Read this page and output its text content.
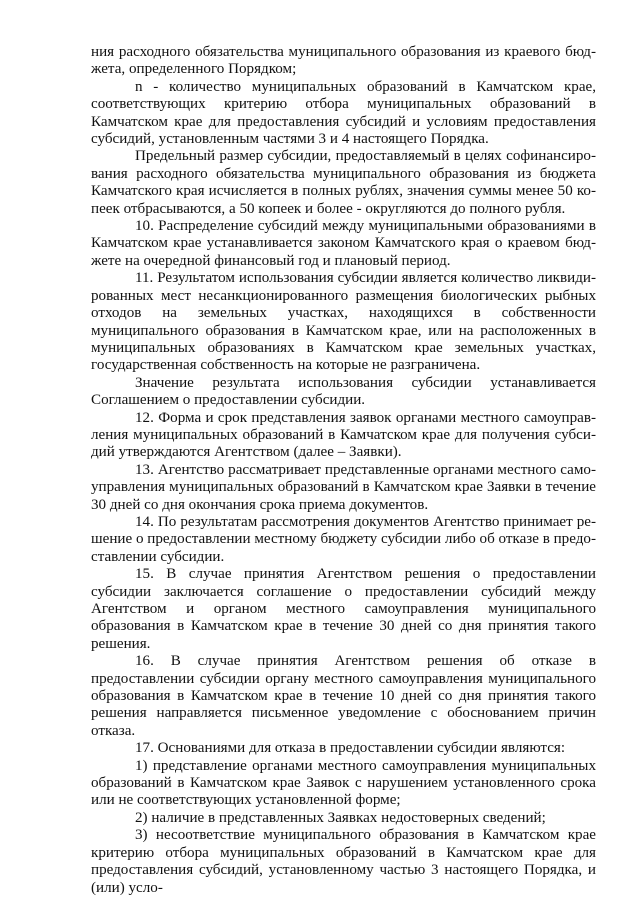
ния расходного обязательства муниципального образования из краевого бюджета, определенного Порядком;

n - количество муниципальных образований в Камчатском крае, соответствующих критерию отбора муниципальных образований в Камчатском крае для предоставления субсидий и условиям предоставления субсидий, установленным частями 3 и 4 настоящего Порядка.

Предельный размер субсидии, предоставляемый в целях софинансирования расходного обязательства муниципального образования из бюджета Камчатского края исчисляется в полных рублях, значения суммы менее 50 копеек отбрасываются, а 50 копеек и более - округляются до полного рубля.

10. Распределение субсидий между муниципальными образованиями в Камчатском крае устанавливается законом Камчатского края о краевом бюджете на очередной финансовый год и плановый период.

11. Результатом использования субсидии является количество ликвидированных мест несанкционированного размещения биологических рыбных отходов на земельных участках, находящихся в собственности муниципального образования в Камчатском крае, или на расположенных в муниципальных образованиях в Камчатском крае земельных участках, государственная собственность на которые не разграничена.

Значение результата использования субсидии устанавливается Соглашением о предоставлении субсидии.

12. Форма и срок представления заявок органами местного самоуправления муниципальных образований в Камчатском крае для получения субсидий утверждаются Агентством (далее – Заявки).

13. Агентство рассматривает представленные органами местного самоуправления муниципальных образований в Камчатском крае Заявки в течение 30 дней со дня окончания срока приема документов.

14. По результатам рассмотрения документов Агентство принимает решение о предоставлении местному бюджету субсидии либо об отказе в предоставлении субсидии.

15. В случае принятия Агентством решения о предоставлении субсидии заключается соглашение о предоставлении субсидий между Агентством и органом местного самоуправления муниципального образования в Камчатском крае в течение 30 дней со дня принятия такого решения.

16. В случае принятия Агентством решения об отказе в предоставлении субсидии органу местного самоуправления муниципального образования в Камчатском крае в течение 10 дней со дня принятия такого решения направляется письменное уведомление с обоснованием причин отказа.

17. Основаниями для отказа в предоставлении субсидии являются:

1) представление органами местного самоуправления муниципальных образований в Камчатском крае Заявок с нарушением установленного срока или не соответствующих установленной форме;

2) наличие в представленных Заявках недостоверных сведений;

3) несоответствие муниципального образования в Камчатском крае критерию отбора муниципальных образований в Камчатском крае для предоставления субсидий, установленному частью 3 настоящего Порядка, и (или) усло-
